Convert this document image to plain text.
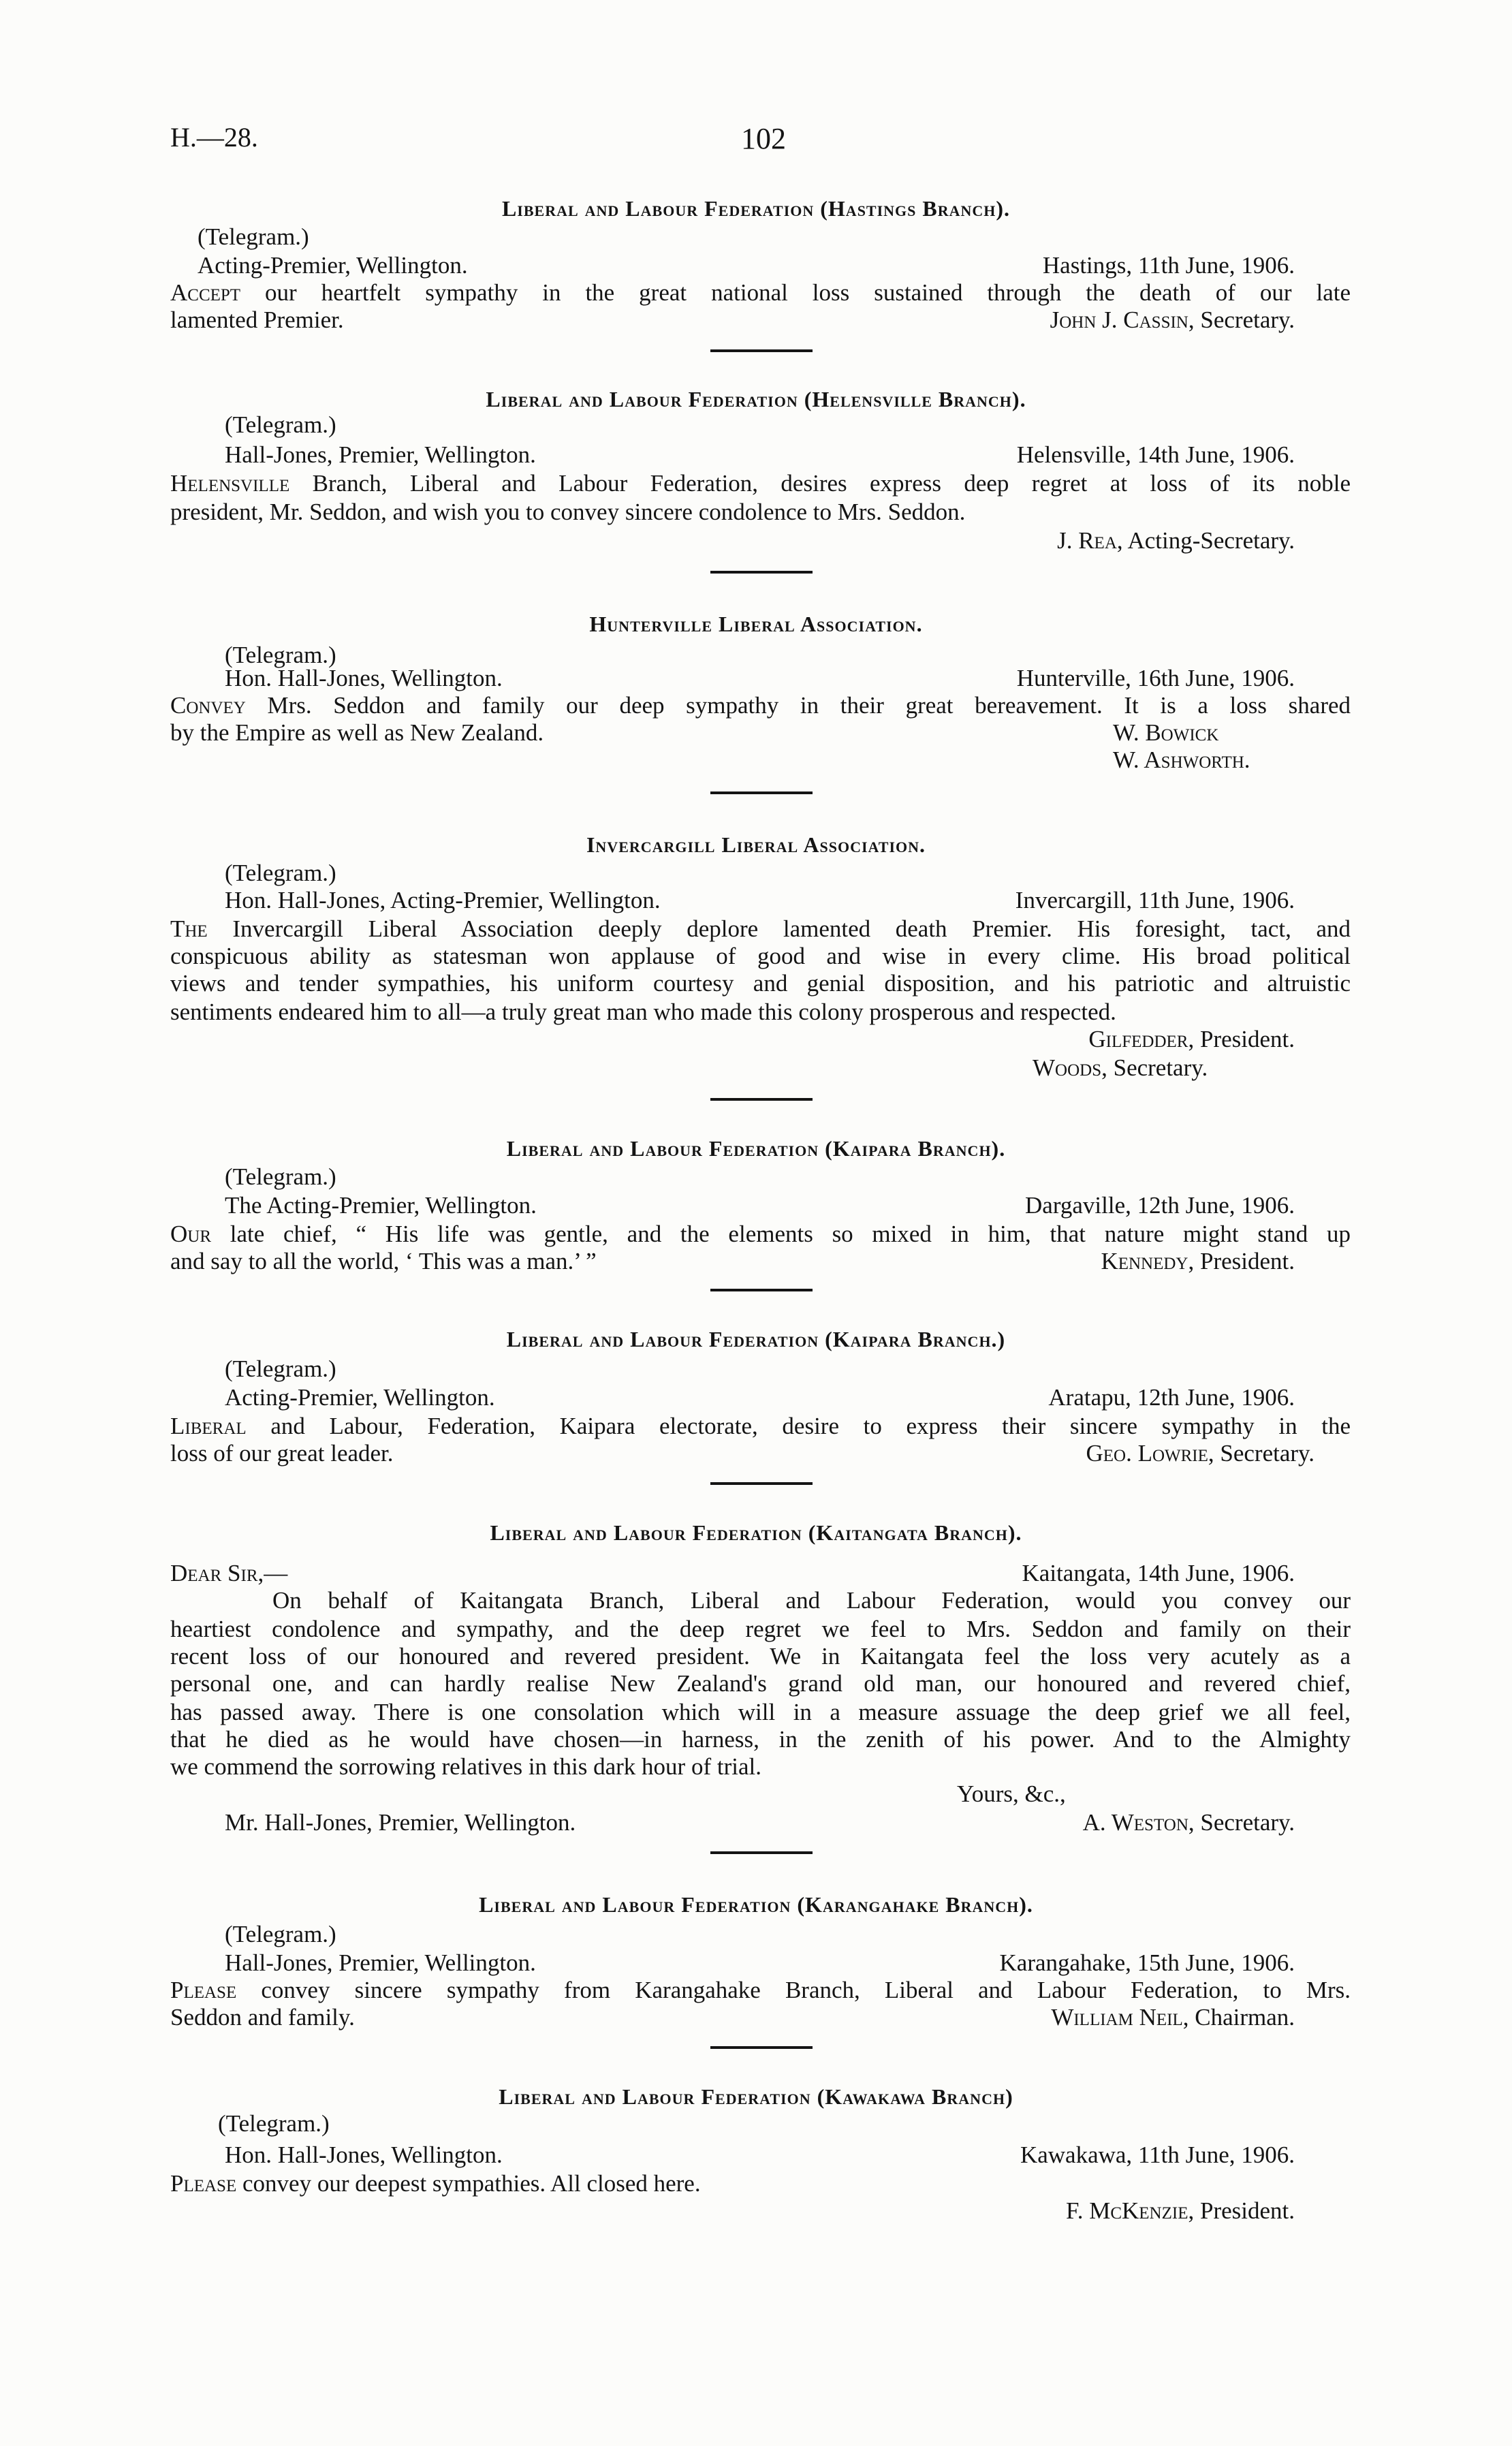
H.—28.	102
Liberal and Labour Federation (Hastings Branch).
(Telegram.)
Acting-Premier, Wellington.	Hastings, 11th June, 1906.
Accept our heartfelt sympathy in the great national loss sustained through the death of our late
lamented Premier.	John J. Cassin, Secretary.
Liberal and Labour Federation (Helensville Branch).
(Telegram.)
Hall-Jones, Premier, Wellington.	Helensville, 14th June, 1906.
Helensville Branch, Liberal and Labour Federation, desires express deep regret at loss of its noble
president, Mr. Seddon, and wish you to convey sincere condolence to Mrs. Seddon.
J. Rea, Acting-Secretary.
Hunterville Liberal Association.
(Telegram.)
Hon. Hall-Jones, Wellington.	Hunterville, 16th June, 1906.
Convey Mrs. Seddon and family our deep sympathy in their great bereavement. It is a loss shared
by the Empire as well as New Zealand.	W. Bowick
W. Ashworth.
Invercargill Liberal Association.
(Telegram.)
Hon. Hall-Jones, Acting-Premier, Wellington.	Invercargill, 11th June, 1906.
The Invercargill Liberal Association deeply deplore lamented death Premier. His foresight, tact, and
conspicuous ability as statesman won applause of good and wise in every clime. His broad political
views and tender sympathies, his uniform courtesy and genial disposition, and his patriotic and altruistic
sentiments endeared him to all—a truly great man who made this colony prosperous and respected.
Gilfedder, President.
Woods, Secretary.
Liberal and Labour Federation (Kaipara Branch).
(Telegram.)
The Acting-Premier, Wellington.	Dargaville, 12th June, 1906.
Our late chief, “ His life was gentle, and the elements so mixed in him, that nature might stand up
and say to all the world, ‘ This was a man.’ ”	Kennedy, President.
Liberal and Labour Federation (Kaipara Branch.)
(Telegram.)
Acting-Premier, Wellington.	Aratapu, 12th June, 1906.
Liberal and Labour, Federation, Kaipara electorate, desire to express their sincere sympathy in the
loss of our great leader.	Geo. Lowrie, Secretary.
Liberal and Labour Federation (Kaitangata Branch).
Dear Sir,—	Kaitangata, 14th June, 1906.
On behalf of Kaitangata Branch, Liberal and Labour Federation, would you convey our
heartiest condolence and sympathy, and the deep regret we feel to Mrs. Seddon and family on their
recent loss of our honoured and revered president. We in Kaitangata feel the loss very acutely as a
personal one, and can hardly realise New Zealand's grand old man, our honoured and revered chief,
has passed away. There is one consolation which will in a measure assuage the deep grief we all feel,
that he died as he would have chosen—in harness, in the zenith of his power. And to the Almighty
we commend the sorrowing relatives in this dark hour of trial.
Yours, &c.,
Mr. Hall-Jones, Premier, Wellington.	A. Weston, Secretary.
Liberal and Labour Federation (Karangahake Branch).
(Telegram.)
Hall-Jones, Premier, Wellington.	Karangahake, 15th June, 1906.
Please convey sincere sympathy from Karangahake Branch, Liberal and Labour Federation, to Mrs.
Seddon and family.	William Neil, Chairman.
Liberal and Labour Federation (Kawakawa Branch)
(Telegram.)
Hon. Hall-Jones, Wellington.	Kawakawa, 11th June, 1906.
Please convey our deepest sympathies. All closed here.
F. McKenzie, President.
